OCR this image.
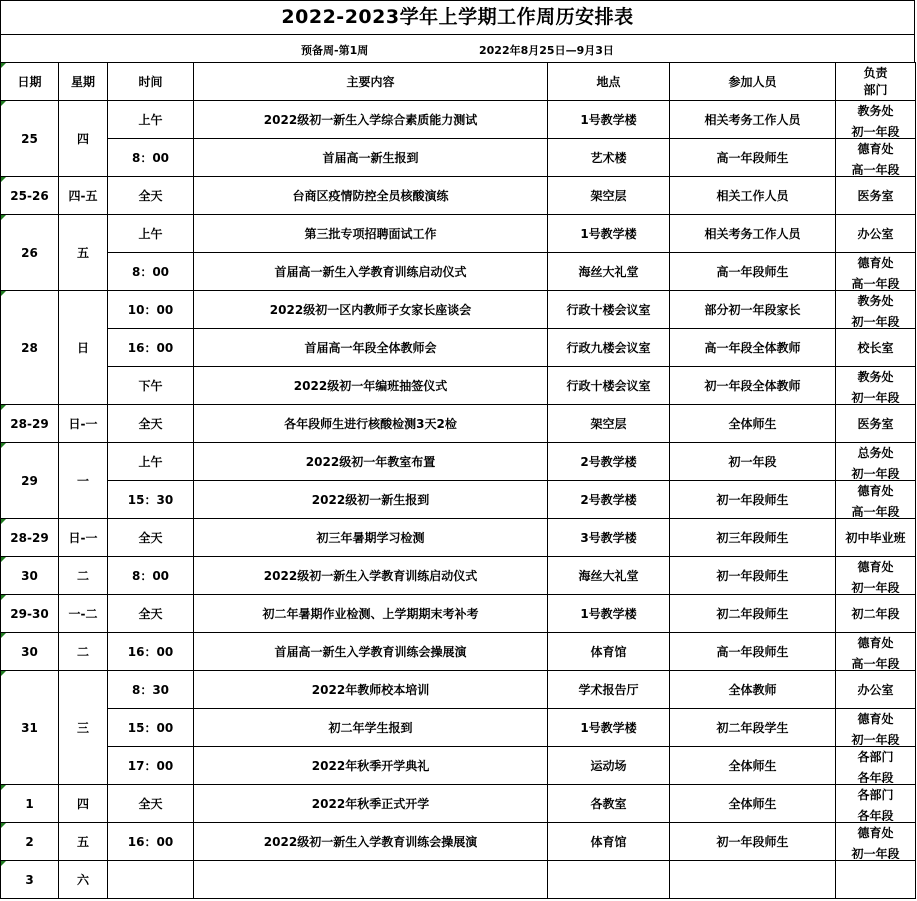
2022-2023学年上学期工作周历安排表
预备周-第1周	2022年8月25日—9月3日
日期	星期	时间	主要内容	地点	参加人员	负责部门

25	四	上午	2022级初一新生入学综合素质能力测试	1号教学楼	相关考务工作人员	教务处
初一年段

		8：00	首届高一新生报到	艺术楼	高一年段师生	德育处
高一年段

25-26	四-五	全天	台商区疫情防控全员核酸演练	架空层	相关工作人员	医务室

26	五	上午	第三批专项招聘面试工作	1号教学楼	相关考务工作人员	办公室

		8：00	首届高一新生入学教育训练启动仪式	海丝大礼堂	高一年段师生	德育处
高一年段

28	日	10：00	2022级初一区内教师子女家长座谈会	行政十楼会议室	部分初一年段家长	教务处
初一年段

		16：00	首届高一年段全体教师会	行政九楼会议室	高一年段全体教师	校长室

		下午	2022级初一年编班抽签仪式	行政十楼会议室	初一年段全体教师	教务处
初一年段

28-29	日-一	全天	各年段师生进行核酸检测3天2检	架空层	全体师生	医务室

29	一	上午	2022级初一年教室布置	2号教学楼	初一年段	总务处
初一年段

		15：30	2022级初一新生报到	2号教学楼	初一年段师生	德育处
高一年段

28-29	日-一	全天	初三年暑期学习检测	3号教学楼	初三年段师生	初中毕业班

30	二	8：00	2022级初一新生入学教育训练启动仪式	海丝大礼堂	初一年段师生	德育处
初一年段

29-30	一-二	全天	初二年暑期作业检测、上学期期末考补考	1号教学楼	初二年段师生	初二年段

30	二	16：00	首届高一新生入学教育训练会操展演	体育馆	高一年段师生	德育处
高一年段

31	三	8：30	2022年教师校本培训	学术报告厅	全体教师	办公室

		15：00	初二年学生报到	1号教学楼	初二年段学生	德育处
初一年段

		17：00	2022年秋季开学典礼	运动场	全体师生	各部门
各年段

1	四	全天	2022年秋季正式开学	各教室	全体师生	各部门
各年段

2	五	16：00	2022级初一新生入学教育训练会操展演	体育馆	初一年段师生	德育处
初一年段

3	六					
